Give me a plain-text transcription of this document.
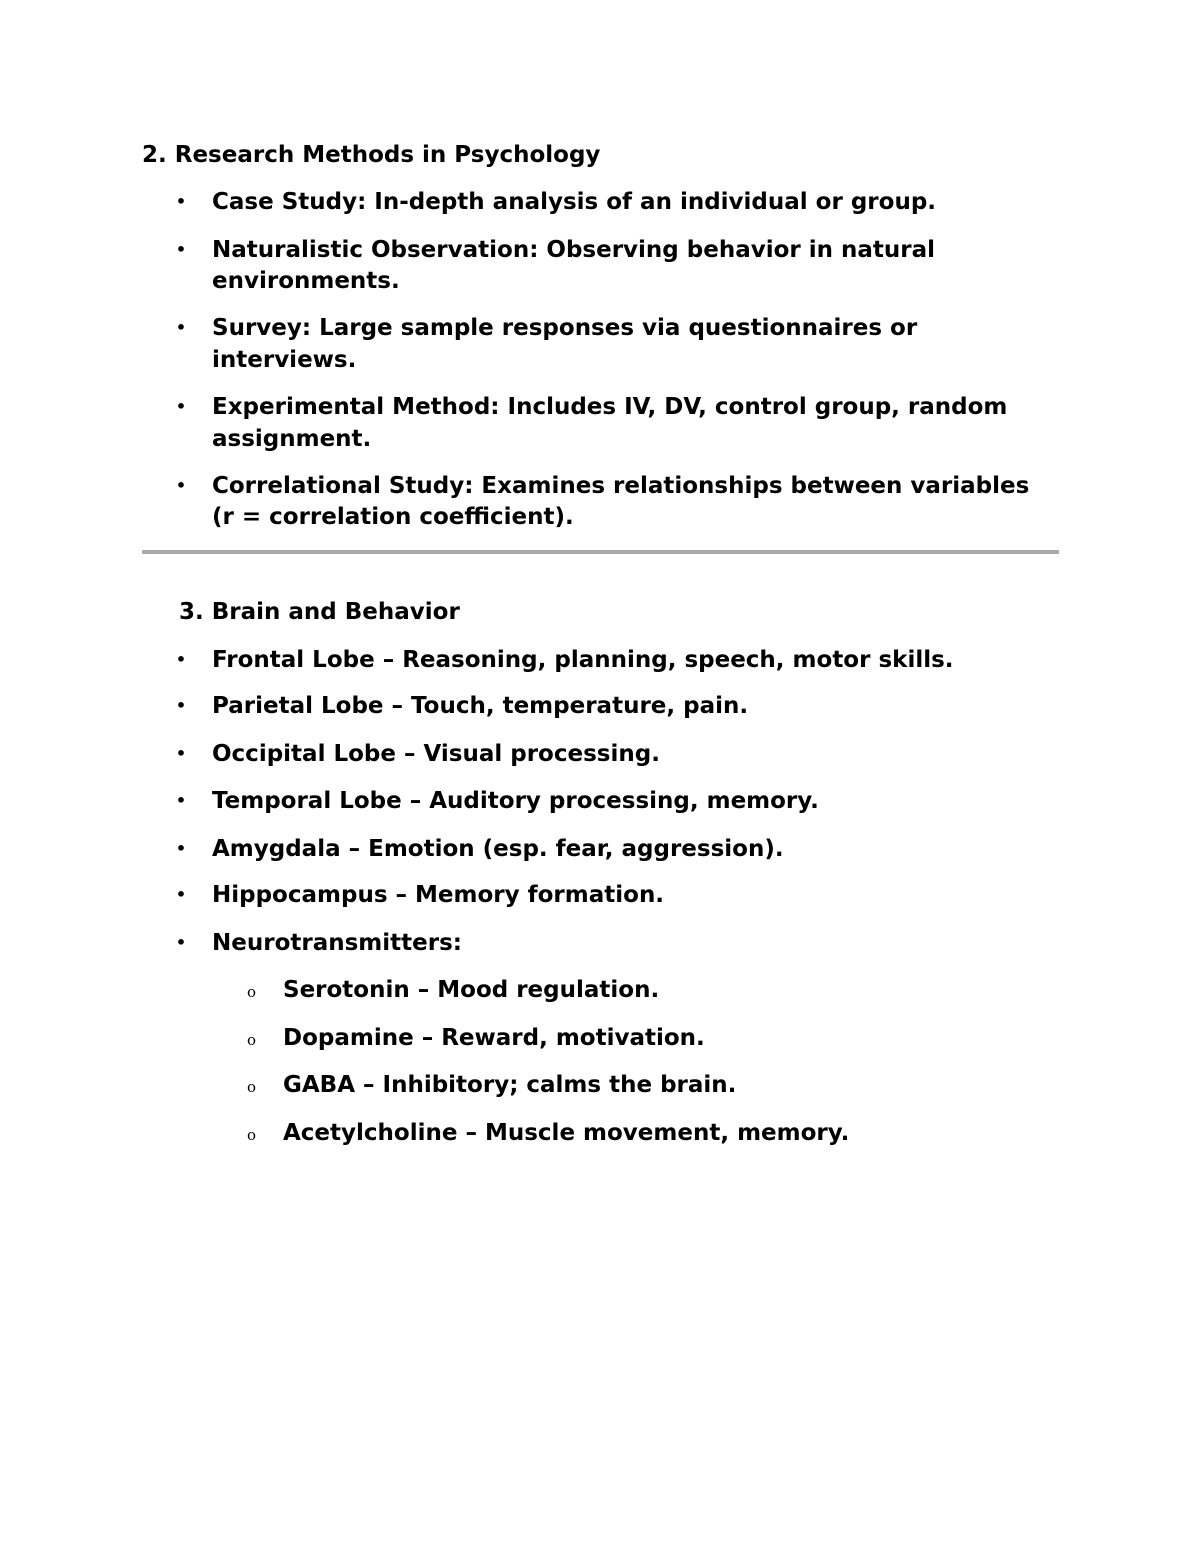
2. Research Methods in Psychology
• Case Study: In-depth analysis of an individual or group.
• Naturalistic Observation: Observing behavior in natural
environments.
• Survey: Large sample responses via questionnaires or
interviews.
• Experimental Method: Includes IV, DV, control group, random
assignment.
• Correlational Study: Examines relationships between variables
(r = correlation coefficient).
3. Brain and Behavior
• Frontal Lobe – Reasoning, planning, speech, motor skills.
• Parietal Lobe – Touch, temperature, pain.
• Occipital Lobe – Visual processing.
• Temporal Lobe – Auditory processing, memory.
• Amygdala – Emotion (esp. fear, aggression).
• Hippocampus – Memory formation.
• Neurotransmitters:
o Serotonin – Mood regulation.
o Dopamine – Reward, motivation.
o GABA – Inhibitory; calms the brain.
o Acetylcholine – Muscle movement, memory.
